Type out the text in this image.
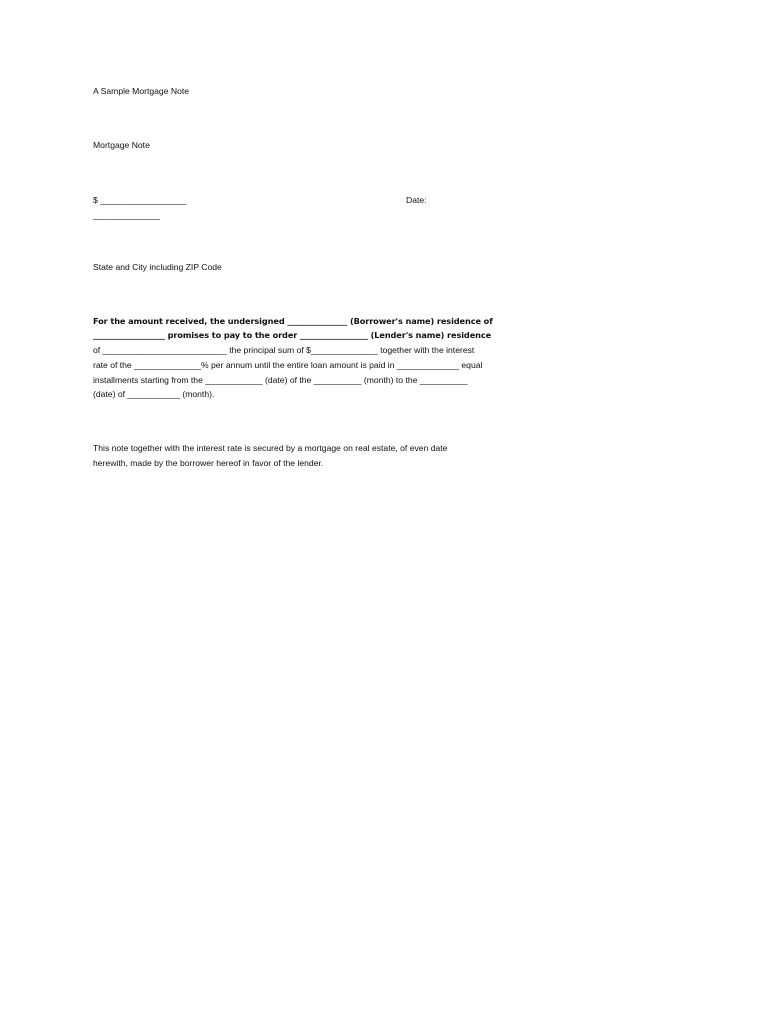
A Sample Mortgage Note
Mortgage Note
$ __________________	Date:
______________
State and City including ZIP Code
For the amount received, the undersigned _______________ (Borrower's name) residence of
__________________ promises to pay to the order _________________ (Lender's name) residence
of __________________________ the principal sum of $______________ together with the interest
rate of the ______________% per annum until the entire loan amount is paid in _____________ equal
installments starting from the ____________ (date) of the __________ (month) to the __________
(date) of ___________ (month).
This note together with the interest rate is secured by a mortgage on real estate, of even date
herewith, made by the borrower hereof in favor of the lender.
